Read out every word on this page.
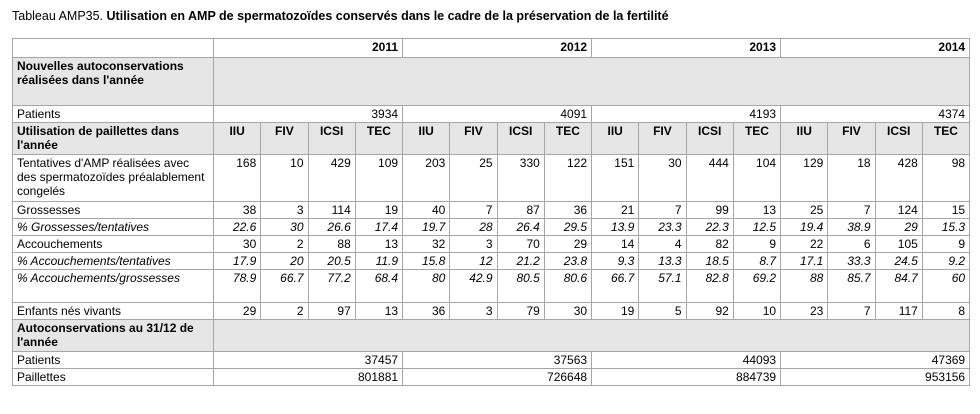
Tableau AMP35. Utilisation en AMP de spermatozoïdes conservés dans le cadre de la préservation de la fertilité
	2011				2012				2013				2014			
Nouvelles autoconservations réalisées dans l'année																
Patients	3934				4091				4193				4374			
Utilisation de paillettes dans l'année	IIU	FIV	ICSI	TEC	IIU	FIV	ICSI	TEC	IIU	FIV	ICSI	TEC	IIU	FIV	ICSI	TEC
Tentatives d'AMP réalisées avec des spermatozoïdes préalablement congelés	168	10	429	109	203	25	330	122	151	30	444	104	129	18	428	98
Grossesses	38	3	114	19	40	7	87	36	21	7	99	13	25	7	124	15
% Grossesses/tentatives	22.6	30	26.6	17.4	19.7	28	26.4	29.5	13.9	23.3	22.3	12.5	19.4	38.9	29	15.3
Accouchements	30	2	88	13	32	3	70	29	14	4	82	9	22	6	105	9
% Accouchements/tentatives	17.9	20	20.5	11.9	15.8	12	21.2	23.8	9.3	13.3	18.5	8.7	17.1	33.3	24.5	9.2
% Accouchements/grossesses	78.9	66.7	77.2	68.4	80	42.9	80.5	80.6	66.7	57.1	82.8	69.2	88	85.7	84.7	60
Enfants nés vivants	29	2	97	13	36	3	79	30	19	5	92	10	23	7	117	8
Autoconservations au 31/12 de l'année																
Patients	37457				37563				44093				47369			
Paillettes	801881				726648				884739				953156			
